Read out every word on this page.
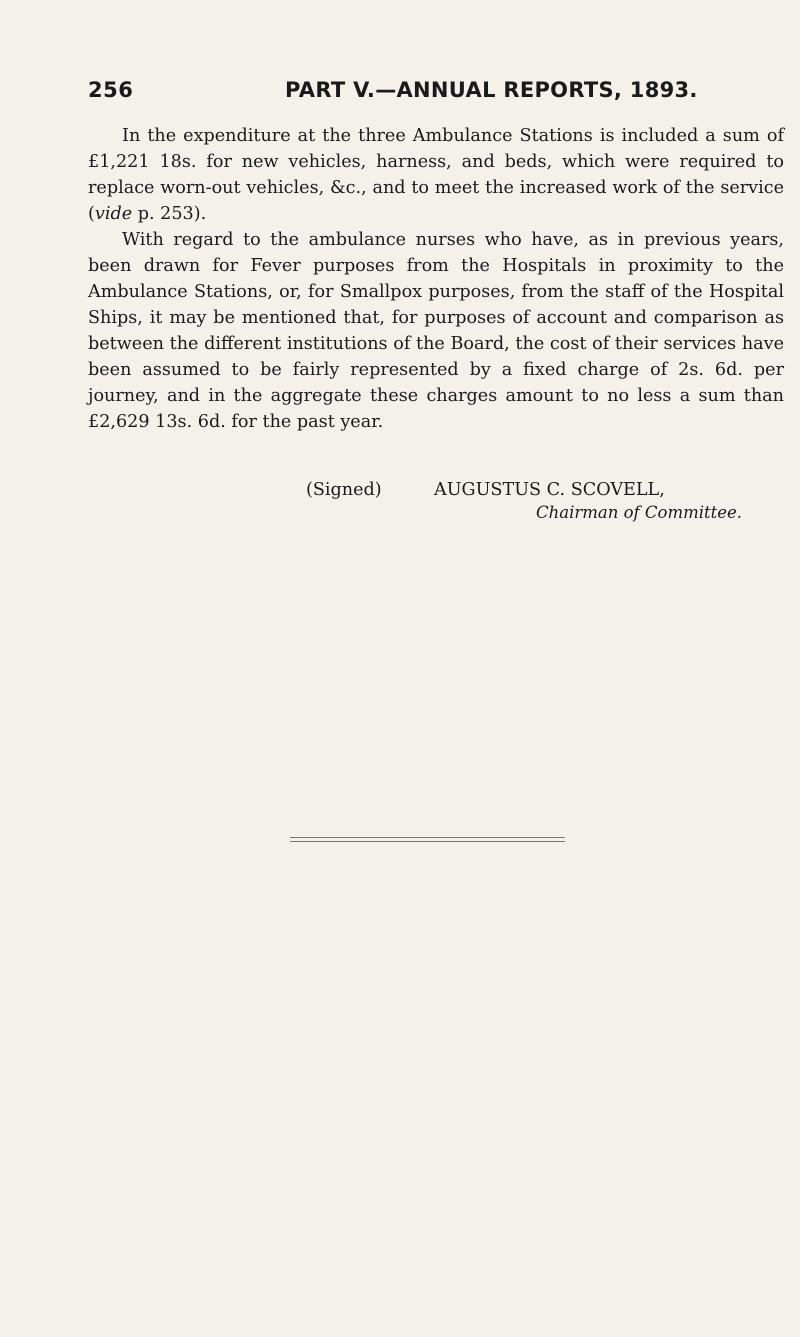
256	PART V.—ANNUAL REPORTS, 1893.

In the expenditure at the three Ambulance Stations is included a sum of £1,221 18s. for new vehicles, harness, and beds, which were required to replace worn-out vehicles, &c., and to meet the increased work of the service (vide p. 253).

With regard to the ambulance nurses who have, as in previous years, been drawn for Fever purposes from the Hospitals in proximity to the Ambulance Stations, or, for Smallpox purposes, from the staff of the Hospital Ships, it may be mentioned that, for purposes of account and comparison as between the different institutions of the Board, the cost of their services have been assumed to be fairly represented by a fixed charge of 2s. 6d. per journey, and in the aggregate these charges amount to no less a sum than £2,629 13s. 6d. for the past year.

(Signed)	AUGUSTUS C. SCOVELL,
Chairman of Committee.
